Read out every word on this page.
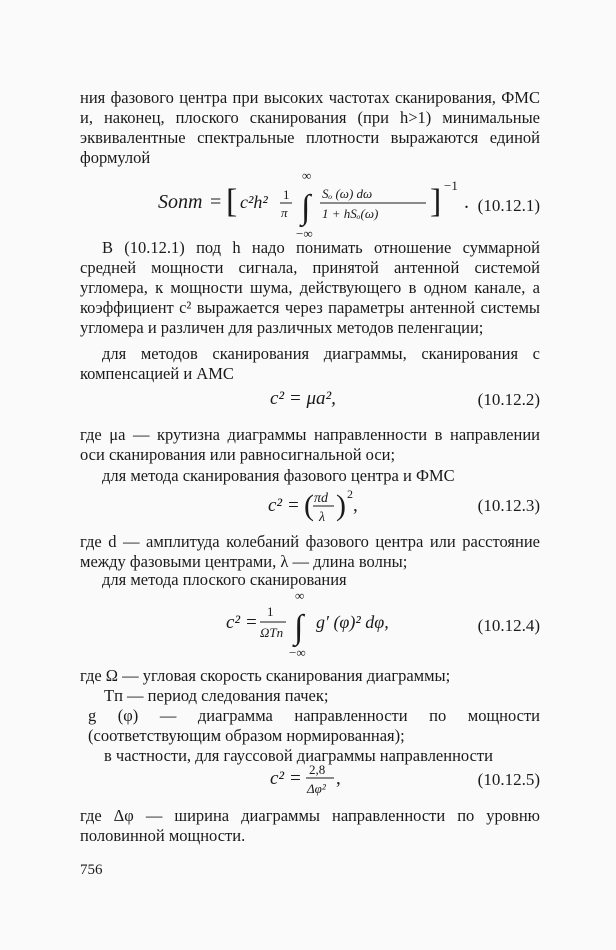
ния фазового центра при высоких частотах сканирования, ФМС и, наконец, плоского сканирования (при h>1) минимальные эквивалентные спектральные плотности выражаются единой формулой
Sопт = [ c²h² 1
π ∫
∞
−∞
Sₒ (ω) dω
1 + hSₒ(ω) ] −1
. (10.12.1)
В (10.12.1) под h надо понимать отношение суммарной средней мощности сигнала, принятой антенной системой угломера, к мощности шума, действующего в одном канале, а коэффициент c² выражается через параметры антенной системы угломера и различен для различных методов пеленгации;
для методов сканирования диаграммы, сканирования с компенсацией и АМС
c² = μа²,	(10.12.2)
где μа — крутизна диаграммы направленности в направлении оси сканирования или равносигнальной оси;
для метода сканирования фазового центра и ФМС
c² = ( πd
λ ) 2
,	(10.12.3)
где d — амплитуда колебаний фазового центра или расстояние между фазовыми центрами, λ — длина волны;
для метода плоского сканирования
c² =
1
ΩTп ∫
∞
−∞
g′ (φ)² dφ,	(10.12.4)
где Ω — угловая скорость сканирования диаграммы;
Tп — период следования пачек;
g (φ) — диаграмма направленности по мощности (соответствующим образом нормированная);
в частности, для гауссовой диаграммы направленности
c² = 2,8
Δφ² ,	(10.12.5)
где Δφ — ширина диаграммы направленности по уровню половинной мощности.
756
